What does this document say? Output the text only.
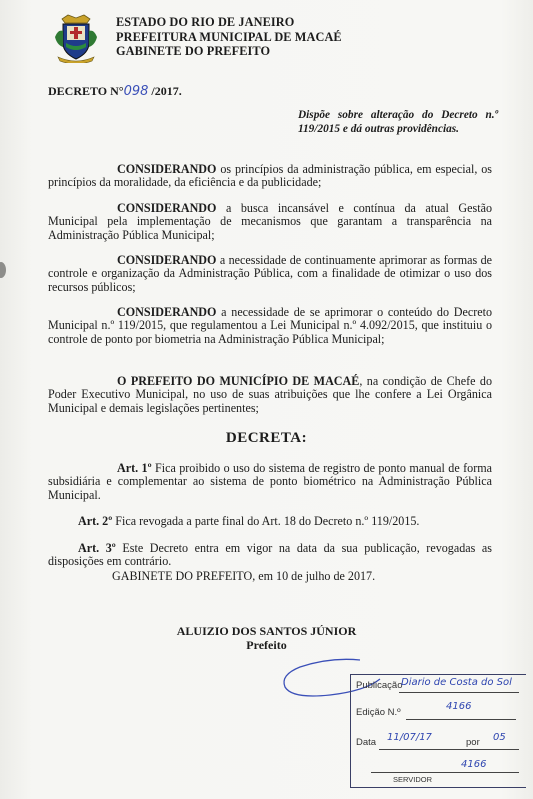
ESTADO DO RIO DE JANEIRO
PREFEITURA MUNICIPAL DE MACAÉ
GABINETE DO PREFEITO
DECRETO N°098 /2017.
Dispõe sobre alteração do Decreto n.º 119/2015 e dá outras providências.
CONSIDERANDO os princípios da administração pública, em especial, os princípios da moralidade, da eficiência e da publicidade;
CONSIDERANDO a busca incansável e contínua da atual Gestão Municipal pela implementação de mecanismos que garantam a transparência na Administração Pública Municipal;
CONSIDERANDO a necessidade de continuamente aprimorar as formas de controle e organização da Administração Pública, com a finalidade de otimizar o uso dos recursos públicos;
CONSIDERANDO a necessidade de se aprimorar o conteúdo do Decreto Municipal n.º 119/2015, que regulamentou a Lei Municipal n.º 4.092/2015, que instituiu o controle de ponto por biometria na Administração Pública Municipal;
O PREFEITO DO MUNICÍPIO DE MACAÉ, na condição de Chefe do Poder Executivo Municipal, no uso de suas atribuições que lhe confere a Lei Orgânica Municipal e demais legislações pertinentes;
DECRETA:
Art. 1º Fica proibido o uso do sistema de registro de ponto manual de forma subsidiária e complementar ao sistema de ponto biométrico na Administração Pública Municipal.
Art. 2º Fica revogada a parte final do Art. 18 do Decreto n.º 119/2015.
Art. 3º Este Decreto entra em vigor na data da sua publicação, revogadas as disposições em contrário.
GABINETE DO PREFEITO, em 10 de julho de 2017.
ALUIZIO DOS SANTOS JÚNIOR
Prefeito
Publicação
Diario de Costa do Sol
Edição N.º
4166
Data 11/07/17	por 05
4166
SERVIDOR
